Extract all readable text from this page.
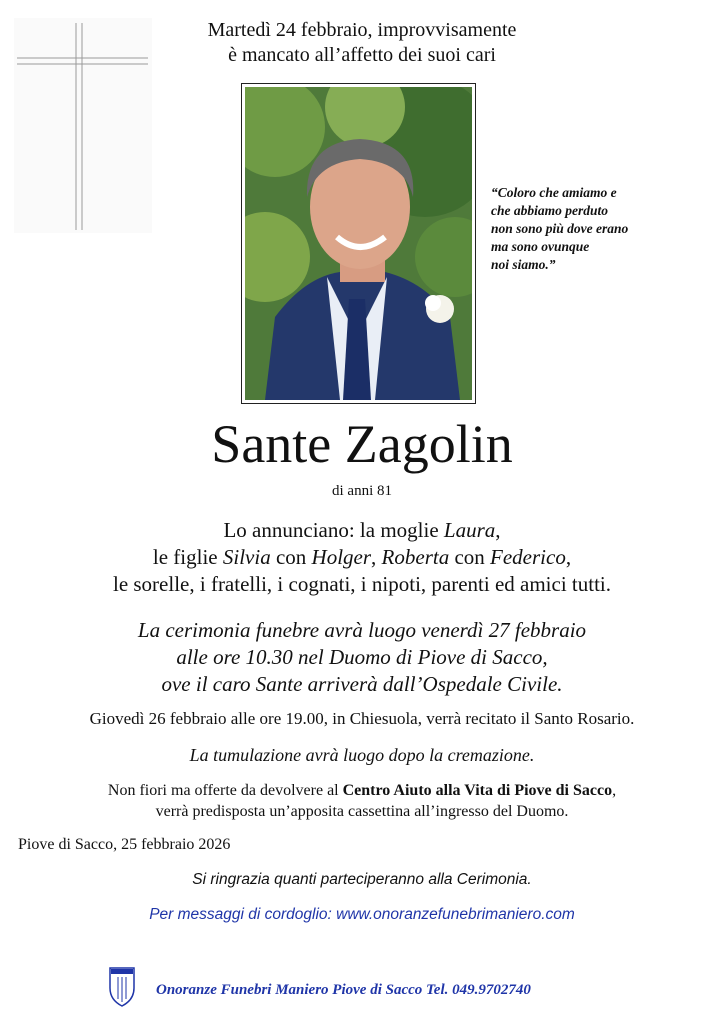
Martedì 24 febbraio, improvvisamente
è mancato all’affetto dei suoi cari
“Coloro che amiamo e
che abbiamo perduto
non sono più dove erano
ma sono ovunque
noi siamo.”
Sante Zagolin
di anni 81
Lo annunciano: la moglie Laura,
le figlie Silvia con Holger, Roberta con Federico,
le sorelle, i fratelli, i cognati, i nipoti, parenti ed amici tutti.
La cerimonia funebre avrà luogo venerdì 27 febbraio
alle ore 10.30 nel Duomo di Piove di Sacco,
ove il caro Sante arriverà dall’Ospedale Civile.
Giovedì 26 febbraio alle ore 19.00, in Chiesuola, verrà recitato il Santo Rosario.
La tumulazione avrà luogo dopo la cremazione.
Non fiori ma offerte da devolvere al Centro Aiuto alla Vita di Piove di Sacco,
verrà predisposta un’apposita cassettina all’ingresso del Duomo.
Piove di Sacco, 25 febbraio 2026
Si ringrazia quanti parteciperanno alla Cerimonia.
Per messaggi di cordoglio: www.onoranzefunebrimaniero.com
Onoranze Funebri Maniero Piove di Sacco Tel. 049.9702740
